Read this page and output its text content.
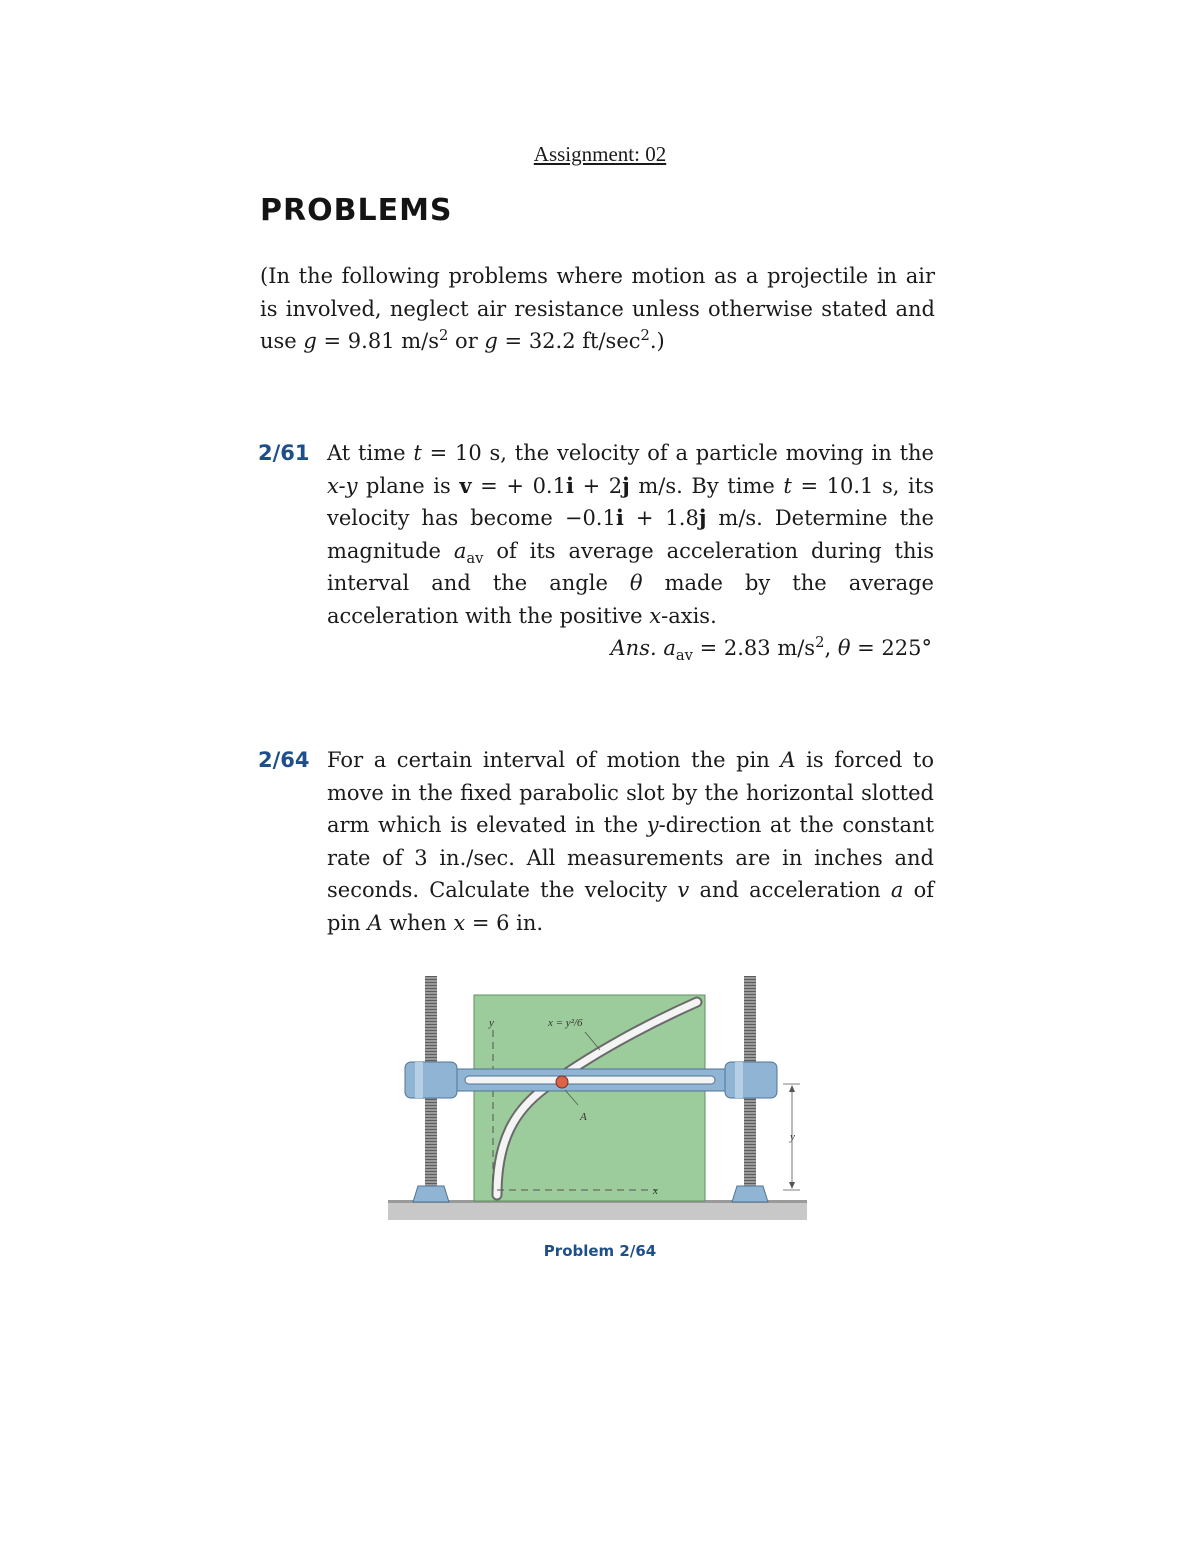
Assignment: 02
PROBLEMS
(In the following problems where motion as a projectile in air is involved, neglect air resistance unless otherwise stated and use g = 9.81 $m/s^2$ or g = 32.2 $ft/\sec^2$.)
2/61 At time t = 10 s, the velocity of a particle moving in the x-y plane is v = + 0.1i + 2j m/s. By time t = 10.1 s, its velocity has become −0.1i + 1.8j m/s. Determine the magnitude $a_{av}$ of its average acceleration during this interval and the angle θ made by the average acceleration with the positive x-axis.
Ans. $a_{av} = 2.83$ $m/s^2$, θ = 225°
2/64 For a certain interval of motion the pin A is forced to move in the fixed parabolic slot by the horizontal slotted arm which is elevated in the y-direction at the constant rate of 3 in./sec. All measurements are in inches and seconds. Calculate the velocity v and acceleration a of pin A when x = 6 in.
y
x
x = y²/6
A
y
Problem 2/64
